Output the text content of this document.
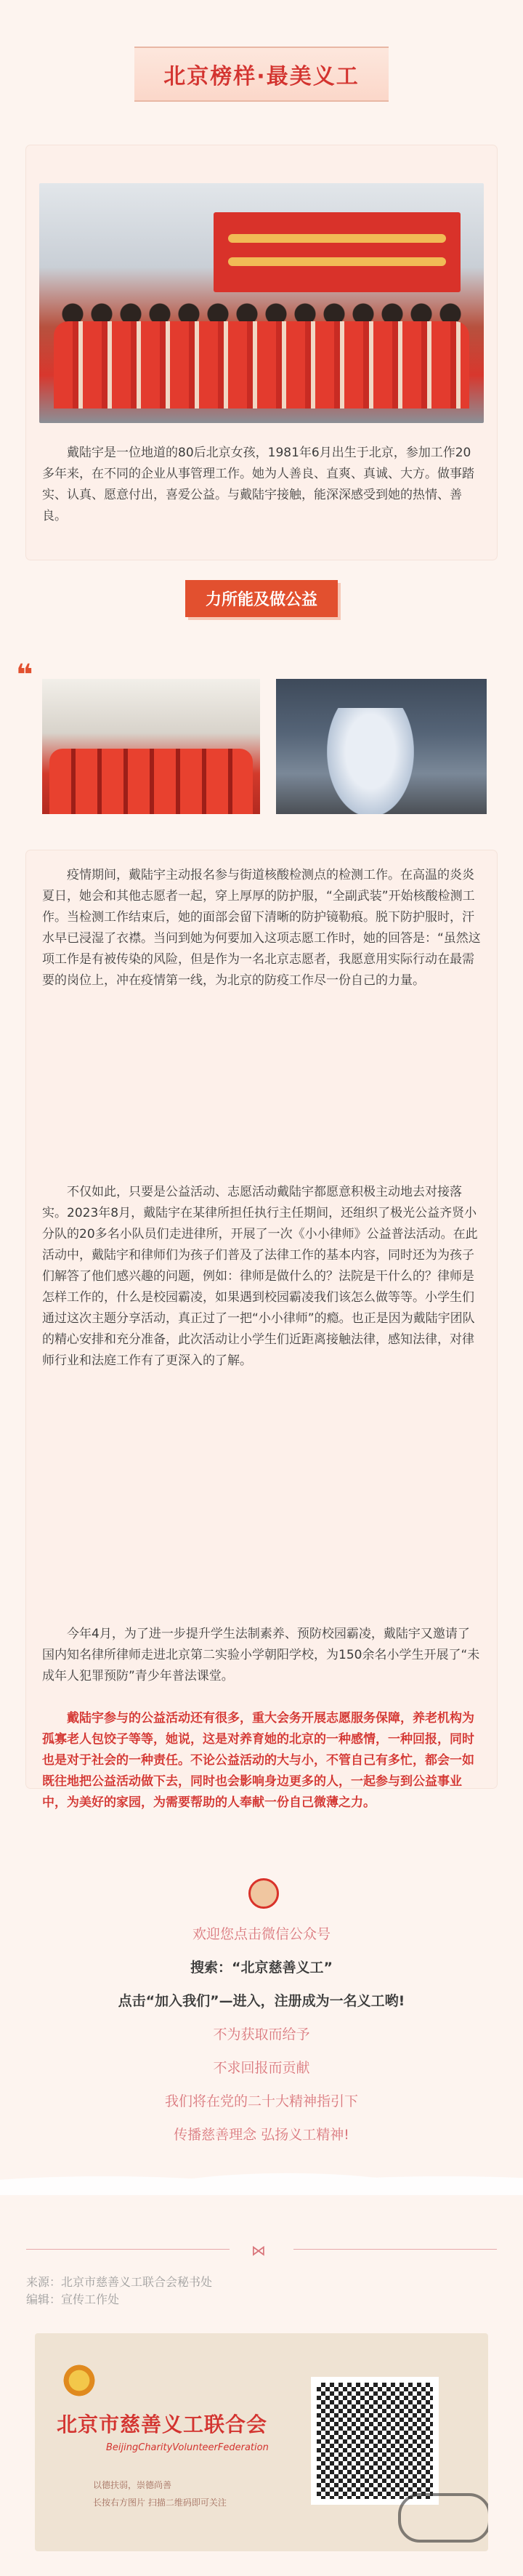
北京榜样·最美义工

戴陆宇是一位地道的80后北京女孩，1981年6月出生于北京，参加工作20多年来，在不同的企业从事管理工作。她为人善良、直爽、真诚、大方。做事踏实、认真、愿意付出，喜爱公益。与戴陆宇接触，能深深感受到她的热情、善良。

力所能及做公益
❝

疫情期间，戴陆宇主动报名参与街道核酸检测点的检测工作。在高温的炎炎夏日，她会和其他志愿者一起，穿上厚厚的防护服，“全副武装”开始核酸检测工作。当检测工作结束后，她的面部会留下清晰的防护镜勒痕。脱下防护服时，汗水早已浸湿了衣襟。当问到她为何要加入这项志愿工作时，她的回答是：“虽然这项工作是有被传染的风险，但是作为一名北京志愿者，我愿意用实际行动在最需要的岗位上，冲在疫情第一线，为北京的防疫工作尽一份自己的力量。

不仅如此，只要是公益活动、志愿活动戴陆宇都愿意积极主动地去对接落实。2023年8月，戴陆宇在某律所担任执行主任期间，还组织了极光公益齐贤小分队的20多名小队员们走进律所，开展了一次《小小律师》公益普法活动。在此活动中，戴陆宇和律师们为孩子们普及了法律工作的基本内容，同时还为为孩子们解答了他们感兴趣的问题，例如：律师是做什么的？法院是干什么的？律师是怎样工作的，什么是校园霸凌，如果遇到校园霸凌我们该怎么做等等。小学生们通过这次主题分享活动，真正过了一把“小小律师”的瘾。也正是因为戴陆宇团队的精心安排和充分准备，此次活动让小学生们近距离接触法律，感知法律，对律师行业和法庭工作有了更深入的了解。

今年4月，为了进一步提升学生法制素养、预防校园霸凌，戴陆宇又邀请了国内知名律所律师走进北京第二实验小学朝阳学校，为150余名小学生开展了“未成年人犯罪预防”青少年普法课堂。

戴陆宇参与的公益活动还有很多，重大会务开展志愿服务保障，养老机构为孤寡老人包饺子等等，她说，这是对养育她的北京的一种感情，一种回报，同时也是对于社会的一种责任。不论公益活动的大与小，不管自己有多忙，都会一如既往地把公益活动做下去，同时也会影响身边更多的人，一起参与到公益事业中，为美好的家园，为需要帮助的人奉献一份自己微薄之力。

欢迎您点击微信公众号
搜索：“北京慈善义工”
点击“加入我们”—进入，注册成为一名义工哟!
不为获取而给予
不求回报而贡献
我们将在党的二十大精神指引下
传播慈善理念 弘扬义工精神!
⋈
来源：北京市慈善义工联合会秘书处
编辑：宣传工作处
北京市慈善义工联合会
BeijingCharityVolunteerFederation
以德扶弱，崇德尚善
长按右方图片 扫描二维码即可关注
